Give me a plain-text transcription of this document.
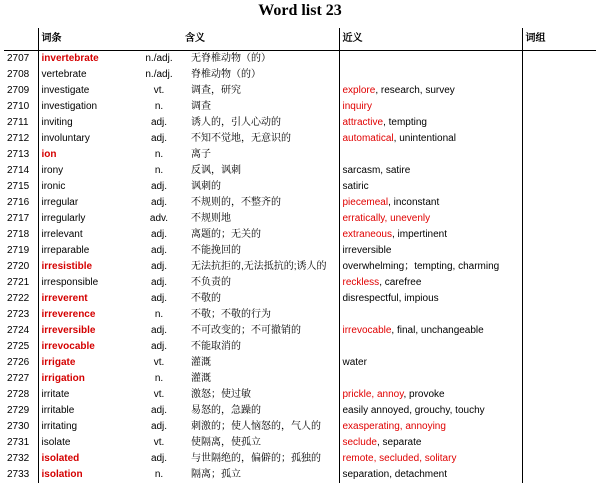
Word list 23
	词条		含义	近义	词组
2707	invertebrate	n./adj.	无脊椎动物（的）		
2708	vertebrate	n./adj.	脊椎动物（的）		
2709	investigate	vt.	调查，研究	explore, research, survey	
2710	investigation	n.	调查	inquiry	
2711	inviting	adj.	诱人的，引人心动的	attractive, tempting	
2712	involuntary	adj.	不知不觉地，无意识的	automatical, unintentional	
2713	ion	n.	离子		
2714	irony	n.	反讽，讽刺	sarcasm, satire	
2715	ironic	adj.	讽刺的	satiric	
2716	irregular	adj.	不规则的，不整齐的	piecemeal, inconstant	
2717	irregularly	adv.	不规则地	erratically, unevenly	
2718	irrelevant	adj.	离题的；无关的	extraneous, impertinent	
2719	irreparable	adj.	不能挽回的	irreversible	
2720	irresistible	adj.	无法抗拒的,无法抵抗的;诱人的	overwhelming；tempting, charming	
2721	irresponsible	adj.	不负责的	reckless, carefree	
2722	irreverent	adj.	不敬的	disrespectful, impious	
2723	irreverence	n.	不敬；不敬的行为		
2724	irreversible	adj.	不可改变的；不可撤销的	irrevocable, final, unchangeable	
2725	irrevocable	adj.	不能取消的		
2726	irrigate	vt.	灌溉	water	
2727	irrigation	n.	灌溉		
2728	irritate	vt.	激怒；使过敏	prickle, annoy, provoke	
2729	irritable	adj.	易怒的，急躁的	easily annoyed, grouchy, touchy	
2730	irritating	adj.	刺激的；使人恼怒的，气人的	exasperating, annoying	
2731	isolate	vt.	使隔离，使孤立	seclude, separate	
2732	isolated	adj.	与世隔绝的，偏僻的；孤独的	remote, secluded, solitary	
2733	isolation	n.	隔离；孤立	separation, detachment	
